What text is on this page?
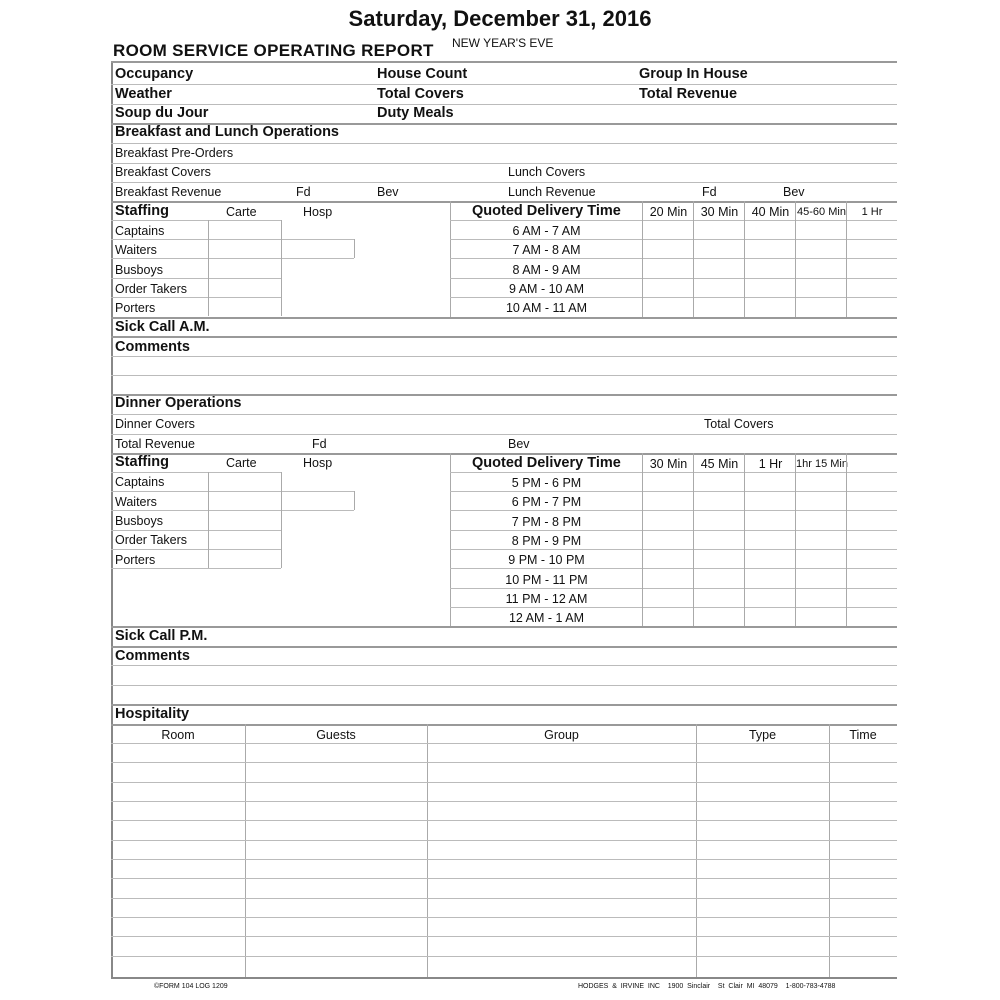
Saturday, December 31, 2016
ROOM SERVICE OPERATING REPORT NEW YEAR'S EVE
Occupancy	House Count	Group In House
Weather	Total Covers	Total Revenue
Soup du Jour	Duty Meals
Breakfast and Lunch Operations
Breakfast Pre-Orders
Breakfast Covers	Lunch Covers
Breakfast Revenue	Fd	Bev	Lunch Revenue	Fd	Bev
Staffing	Carte	Hosp
Captains
Waiters
Busboys
Order Takers
Porters
Quoted Delivery Time	20 Min	30 Min	40 Min 45-60 Min	1 Hr
6 AM - 7 AM
7 AM - 8 AM
8 AM - 9 AM
9 AM - 10 AM
10 AM - 11 AM
Sick Call A.M.
Comments
Dinner Operations
Dinner Covers	Total Covers
Total Revenue	Fd	Bev
Staffing	Carte	Hosp
Captains
Waiters
Busboys
Order Takers
Porters
Quoted Delivery Time	30 Min	45 Min	1 Hr	1hr 15 Min
5 PM - 6 PM
6 PM - 7 PM
7 PM - 8 PM
8 PM - 9 PM
9 PM - 10 PM
10 PM - 11 PM
11 PM - 12 AM
12 AM - 1 AM
Sick Call P.M.
Comments
Hospitality
Room	Guests	Group	Type	Time
©FORM 104 LOG 1209	HODGES  &  IRVINE  INC    1900  Sinclair    St  Clair  MI  48079    1-800-783-4788
